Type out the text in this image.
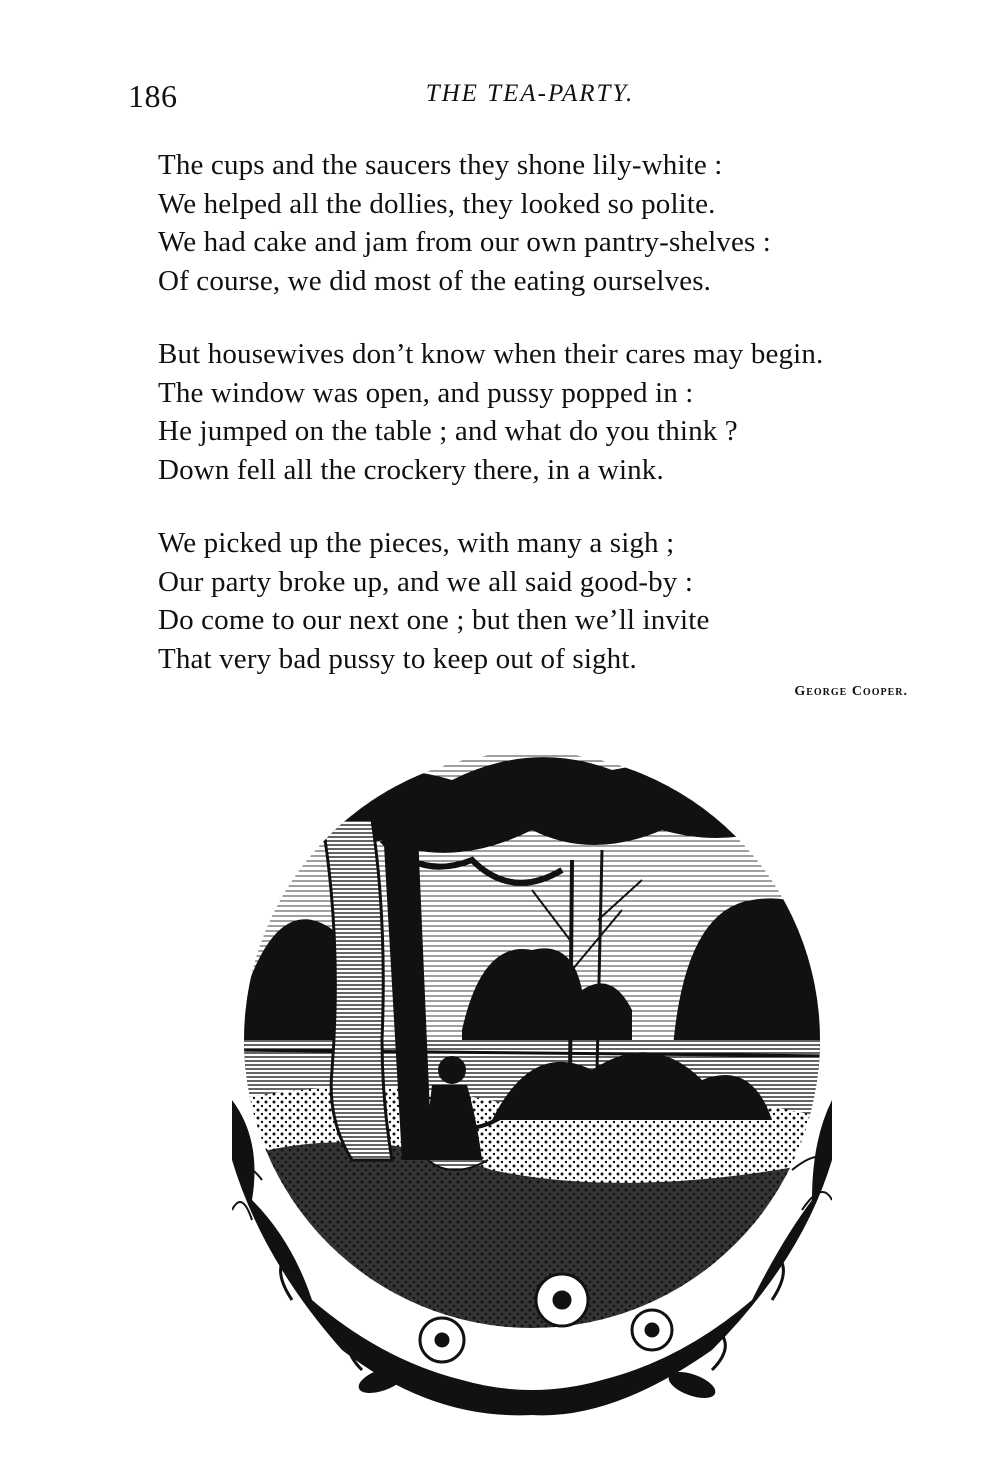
186	THE TEA-PARTY.
The cups and the saucers they shone lily-white :
We helped all the dollies, they looked so polite.
We had cake and jam from our own pantry-shelves :
Of course, we did most of the eating ourselves.
But housewives don’t know when their cares may begin.
The window was open, and pussy popped in :
He jumped on the table ; and what do you think ?
Down fell all the crockery there, in a wink.
We picked up the pieces, with many a sigh ;
Our party broke up, and we all said good-by :
Do come to our next one ; but then we’ll invite
That very bad pussy to keep out of sight.
George Cooper.
